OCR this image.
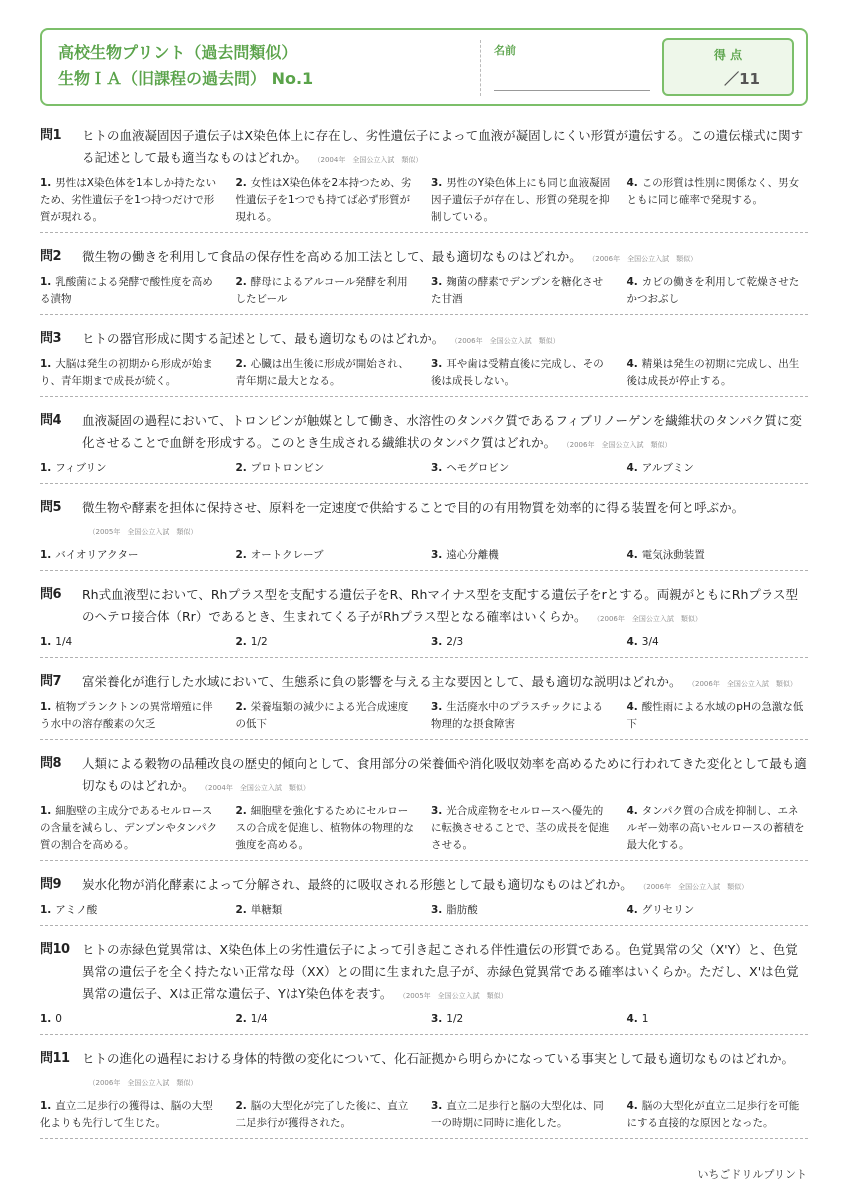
高校生物プリント（過去問類似）
生物ＩＡ（旧課程の過去問） No.1
名前	得 点
／11
問1	ヒトの血液凝固因子遺伝子はX染色体上に存在し、劣性遺伝子によって血液が凝固しにくい形質が遺伝する。この遺伝様式に関する記述として最も適当なものはどれか。 （2004年　全国公立入試　類似）
1. 男性はX染色体を1本しか持たないため、劣性遺伝子を1つ持つだけで形質が現れる。
2. 女性はX染色体を2本持つため、劣性遺伝子を1つでも持てば必ず形質が現れる。
3. 男性のY染色体上にも同じ血液凝固因子遺伝子が存在し、形質の発現を抑制している。
4. この形質は性別に関係なく、男女ともに同じ確率で発現する。
問2	微生物の働きを利用して食品の保存性を高める加工法として、最も適切なものはどれか。 （2006年　全国公立入試　類似）
1. 乳酸菌による発酵で酸性度を高める漬物
2. 酵母によるアルコール発酵を利用したビール
3. 麹菌の酵素でデンプンを糖化させた甘酒
4. カビの働きを利用して乾燥させたかつおぶし
問3	ヒトの器官形成に関する記述として、最も適切なものはどれか。 （2006年　全国公立入試　類似）
1. 大脳は発生の初期から形成が始まり、青年期まで成長が続く。
2. 心臓は出生後に形成が開始され、青年期に最大となる。
3. 耳や歯は受精直後に完成し、その後は成長しない。
4. 精巣は発生の初期に完成し、出生後は成長が停止する。
問4	血液凝固の過程において、トロンビンが触媒として働き、水溶性のタンパク質であるフィブリノーゲンを繊維状のタンパク質に変化させることで血餅を形成する。このとき生成される繊維状のタンパク質はどれか。 （2006年　全国公立入試　類似）
1. フィブリン	2. プロトロンビン	3. ヘモグロビン	4. アルブミン
問5	微生物や酵素を担体に保持させ、原料を一定速度で供給することで目的の有用物質を効率的に得る装置を何と呼ぶか。（2005年　全国公立入試　類似）
1. バイオリアクター	2. オートクレーブ	3. 遠心分離機	4. 電気泳動装置
問6	Rh式血液型において、Rhプラス型を支配する遺伝子をR、Rhマイナス型を支配する遺伝子をrとする。両親がともにRhプラス型のヘテロ接合体（Rr）であるとき、生まれてくる子がRhプラス型となる確率はいくらか。 （2006年　全国公立入試　類似）
1. 1/4	2. 1/2	3. 2/3	4. 3/4
問7	富栄養化が進行した水域において、生態系に負の影響を与える主な要因として、最も適切な説明はどれか。 （2006年　全国公立入試　類似）
1. 植物プランクトンの異常増殖に伴う水中の溶存酸素の欠乏
2. 栄養塩類の減少による光合成速度の低下
3. 生活廃水中のプラスチックによる物理的な摂食障害
4. 酸性雨による水域のpHの急激な低下
問8	人類による穀物の品種改良の歴史的傾向として、食用部分の栄養価や消化吸収効率を高めるために行われてきた変化として最も適切なものはどれか。 （2004年　全国公立入試　類似）
1. 細胞壁の主成分であるセルロースの含量を減らし、デンプンやタンパク質の割合を高める。
2. 細胞壁を強化するためにセルロースの合成を促進し、植物体の物理的な強度を高める。
3. 光合成産物をセルロースへ優先的に転換させることで、茎の成長を促進させる。
4. タンパク質の合成を抑制し、エネルギー効率の高いセルロースの蓄積を最大化する。
問9	炭水化物が消化酵素によって分解され、最終的に吸収される形態として最も適切なものはどれか。 （2006年　全国公立入試　類似）
1. アミノ酸	2. 単糖類	3. 脂肪酸	4. グリセリン
問10 ヒトの赤緑色覚異常は、X染色体上の劣性遺伝子によって引き起こされる伴性遺伝の形質である。色覚異常の父（X'Y）と、色覚異常の遺伝子を全く持たない正常な母（XX）との間に生まれた息子が、赤緑色覚異常である確率はいくらか。ただし、X'は色覚異常の遺伝子、Xは正常な遺伝子、YはY染色体を表す。 （2005年　全国公立入試　類似）
1. 0	2. 1/4	3. 1/2	4. 1
問11 ヒトの進化の過程における身体的特徴の変化について、化石証拠から明らかになっている事実として最も適切なものはどれか。（2006年　全国公立入試　類似）
1. 直立二足歩行の獲得は、脳の大型化よりも先行して生じた。
2. 脳の大型化が完了した後に、直立二足歩行が獲得された。
3. 直立二足歩行と脳の大型化は、同一の時期に同時に進化した。
4. 脳の大型化が直立二足歩行を可能にする直接的な原因となった。
いちごドリルプリント
